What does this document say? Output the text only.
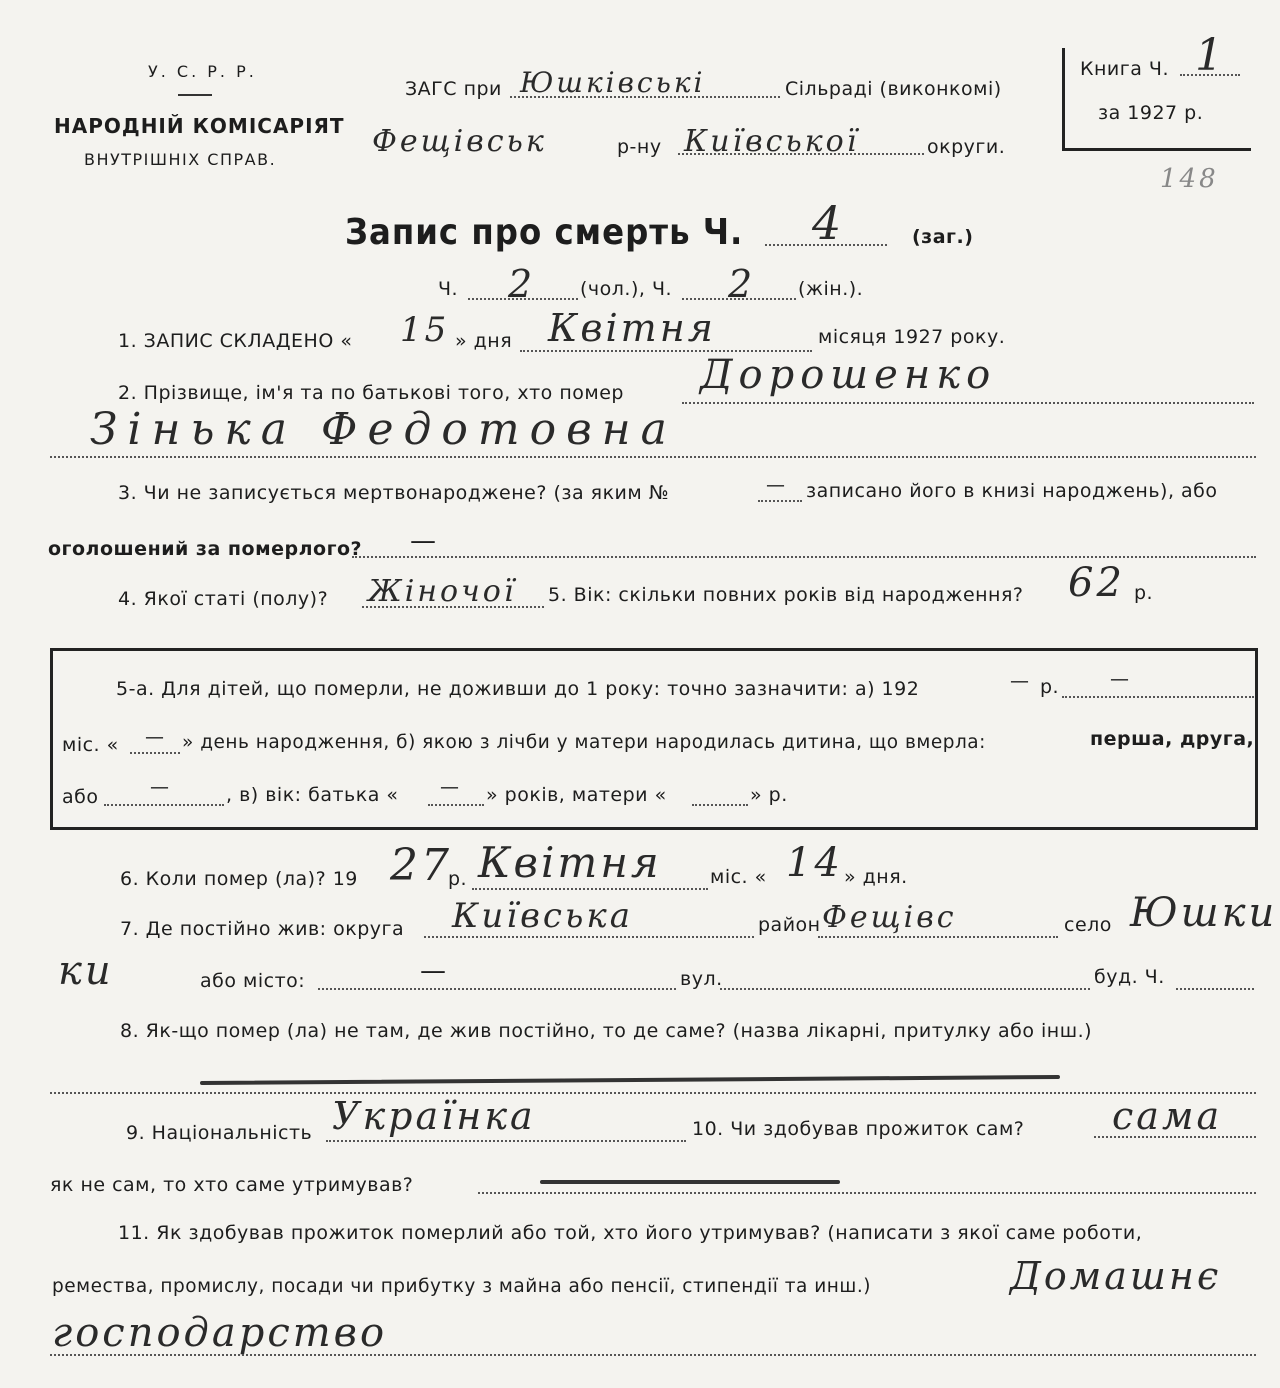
У. С. Р. Р.
НАРОДНІЙ КОМІСАРІЯТ
ВНУТРІШНІХ СПРАВ.
ЗАГС при Юшківські	Сільраді (виконкомі)
Фещівськ	р-ну Київської	округи.
Книга Ч. 1
за 1927 р.
148
Запис про смерть Ч. 4	(заг.)
Ч. 2 (чол.), Ч. 2 (жін.).
1. ЗАПИС СКЛАДЕНО « 15 » дня Квітня	місяця 1927 року.
2. Прізвище, ім'я та по батькові того, хто помер Дорошенко
Зінька Федотовна
3. Чи не записується мертвонароджене? (за яким №	— записано його в книзі народжень), або
оголошений за померлого? —
4. Якої статі (полу)? Жіночої 5. Вік: скільки повних років від народження? 62 р.
5-а. Для дітей, що померли, не доживши до 1 року: точно зазначити: а) 192	— р.	—
міс. « — » день народження, б) якою з лічби у матери народилась дитина, що вмерла:	перша, друга,
або	—	, в) вік: батька « — » років, матери «	» р.
6. Коли помер (ла)? 19 27
р. Квітня	міс. « 14 » дня.
7. Де постійно жив: округа Київська	район Фещівс	село Юшки
ки	або місто:	—	вул.	буд. Ч.
8. Як-що помер (ла) не там, де жив постійно, то де саме? (назва лікарні, притулку або інш.)
9. Національність Українка	10. Чи здобував прожиток сам? сама
як не сам, то хто саме утримував?
11. Як здобував прожиток померлий або той, хто його утримував? (написати з якої саме роботи,
ремества, промислу, посади чи прибутку з майна або пенсії, стипендії та инш.)	Домашнє
господарство
